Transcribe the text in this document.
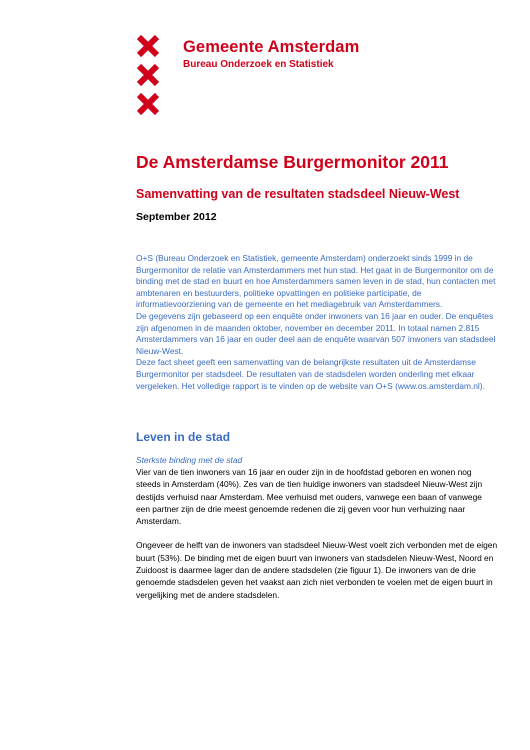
Gemeente Amsterdam
Bureau Onderzoek en Statistiek
De Amsterdamse Burgermonitor 2011
Samenvatting van de resultaten stadsdeel Nieuw-West
September 2012

O+S (Bureau Onderzoek en Statistiek, gemeente Amsterdam) onderzoekt sinds 1999 in de Burgermonitor de relatie van Amsterdammers met hun stad. Het gaat in de Burgermonitor om de binding met de stad en buurt en hoe Amsterdammers samen leven in de stad, hun contacten met ambtenaren en bestuurders, politieke opvattingen en politieke participatie, de informatievoorziening van de gemeente en het mediagebruik van Amsterdammers.

De gegevens zijn gebaseerd op een enquête onder inwoners van 16 jaar en ouder. De enquêtes zijn afgenomen in de maanden oktober, november en december 2011. In totaal namen 2.815 Amsterdammers van 16 jaar en ouder deel aan de enquête waarvan 507 inwoners van stadsdeel Nieuw-West.

Deze fact sheet geeft een samenvatting van de belangrijkste resultaten uit de Amsterdamse Burgermonitor per stadsdeel. De resultaten van de stadsdelen worden onderling met elkaar vergeleken. Het volledige rapport is te vinden op de website van O+S (www.os.amsterdam.nl).

Leven in de stad
Sterkste binding met de stad

Vier van de tien inwoners van 16 jaar en ouder zijn in de hoofdstad geboren en wonen nog steeds in Amsterdam (40%). Zes van de tien huidige inwoners van stadsdeel Nieuw-West zijn destijds verhuisd naar Amsterdam. Mee verhuisd met ouders, vanwege een baan of vanwege een partner zijn de drie meest genoemde redenen die zij geven voor hun verhuizing naar Amsterdam.

Ongeveer de helft van de inwoners van stadsdeel Nieuw-West voelt zich verbonden met de eigen buurt (53%). De binding met de eigen buurt van inwoners van stadsdelen Nieuw-West, Noord en Zuidoost is daarmee lager dan de andere stadsdelen (zie figuur 1). De inwoners van de drie genoemde stadsdelen geven het vaakst aan zich niet verbonden te voelen met de eigen buurt in vergelijking met de andere stadsdelen.
